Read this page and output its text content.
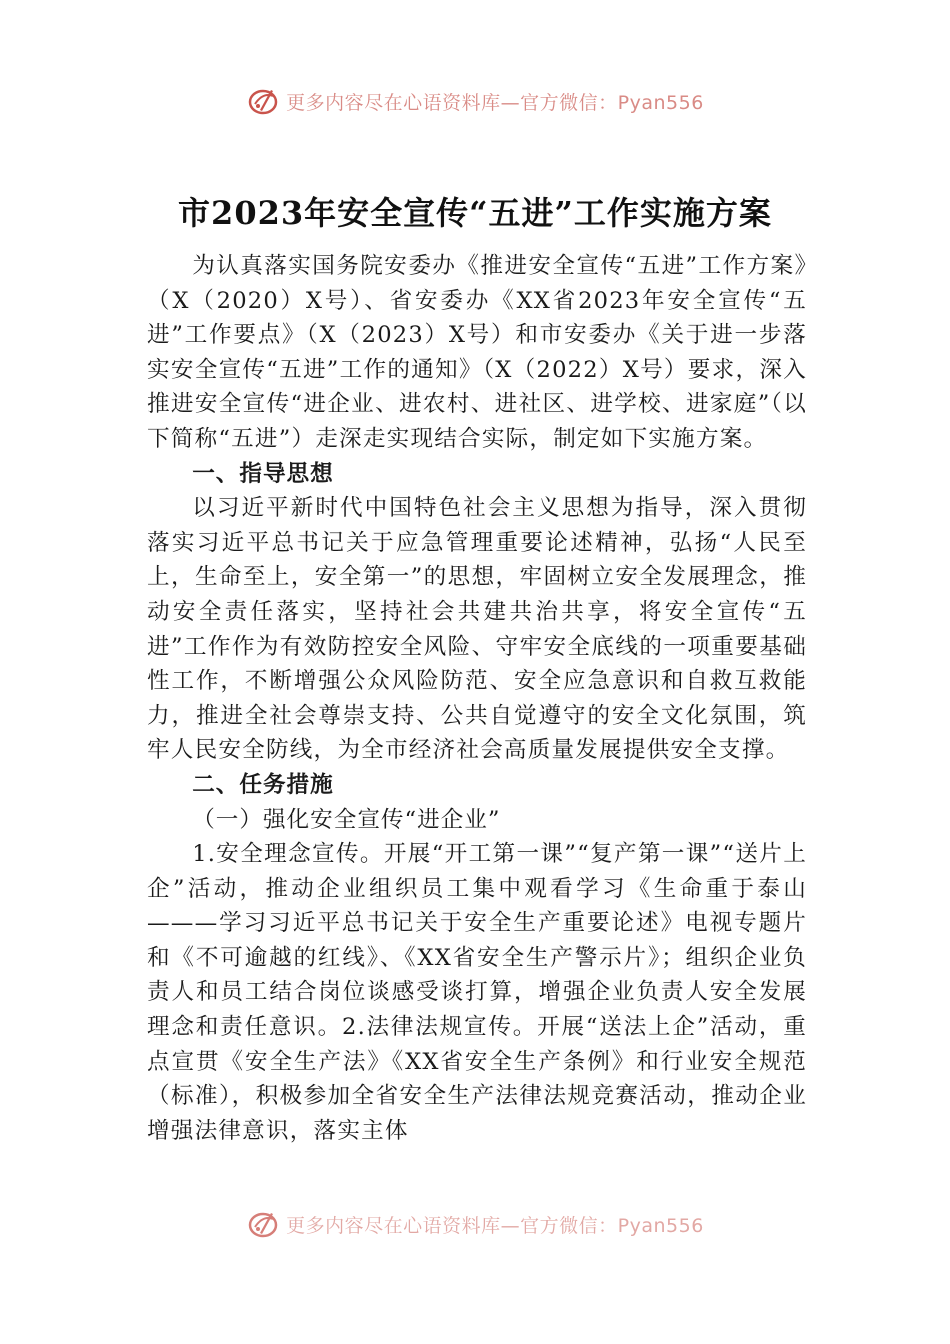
更多内容尽在心语资料库—官方微信：Pyan556
市2023年安全宣传“五进”工作实施方案

为认真落实国务院安委办《推进安全宣传“五进”工作方案》（X（2020）X号）、省安委办《XX省2023年安全宣传“五进”工作要点》（X（2023）X号）和市安委办《关于进一步落实安全宣传“五进”工作的通知》（X（2022）X号）要求，深入推进安全宣传“进企业、进农村、进社区、进学校、进家庭”（以下简称“五进”）走深走实现结合实际，制定如下实施方案。

一、指导思想

以习近平新时代中国特色社会主义思想为指导，深入贯彻落实习近平总书记关于应急管理重要论述精神，弘扬“人民至上，生命至上，安全第一”的思想，牢固树立安全发展理念，推动安全责任落实，坚持社会共建共治共享，将安全宣传“五进”工作作为有效防控安全风险、守牢安全底线的一项重要基础性工作，不断增强公众风险防范、安全应急意识和自救互救能力，推进全社会尊崇支持、公共自觉遵守的安全文化氛围，筑牢人民安全防线，为全市经济社会高质量发展提供安全支撑。

二、任务措施

（一）强化安全宣传“进企业”

1.安全理念宣传。开展“开工第一课”“复产第一课”“送片上企”活动，推动企业组织员工集中观看学习《生命重于泰山———学习习近平总书记关于安全生产重要论述》电视专题片和《不可逾越的红线》、《XX省安全生产警示片》；组织企业负责人和员工结合岗位谈感受谈打算，增强企业负责人安全发展理念和责任意识。2.法律法规宣传。开展“送法上企”活动，重点宣贯《安全生产法》《XX省安全生产条例》和行业安全规范（标准），积极参加全省安全生产法律法规竞赛活动，推动企业增强法律意识，落实主体

更多内容尽在心语资料库—官方微信：Pyan556
